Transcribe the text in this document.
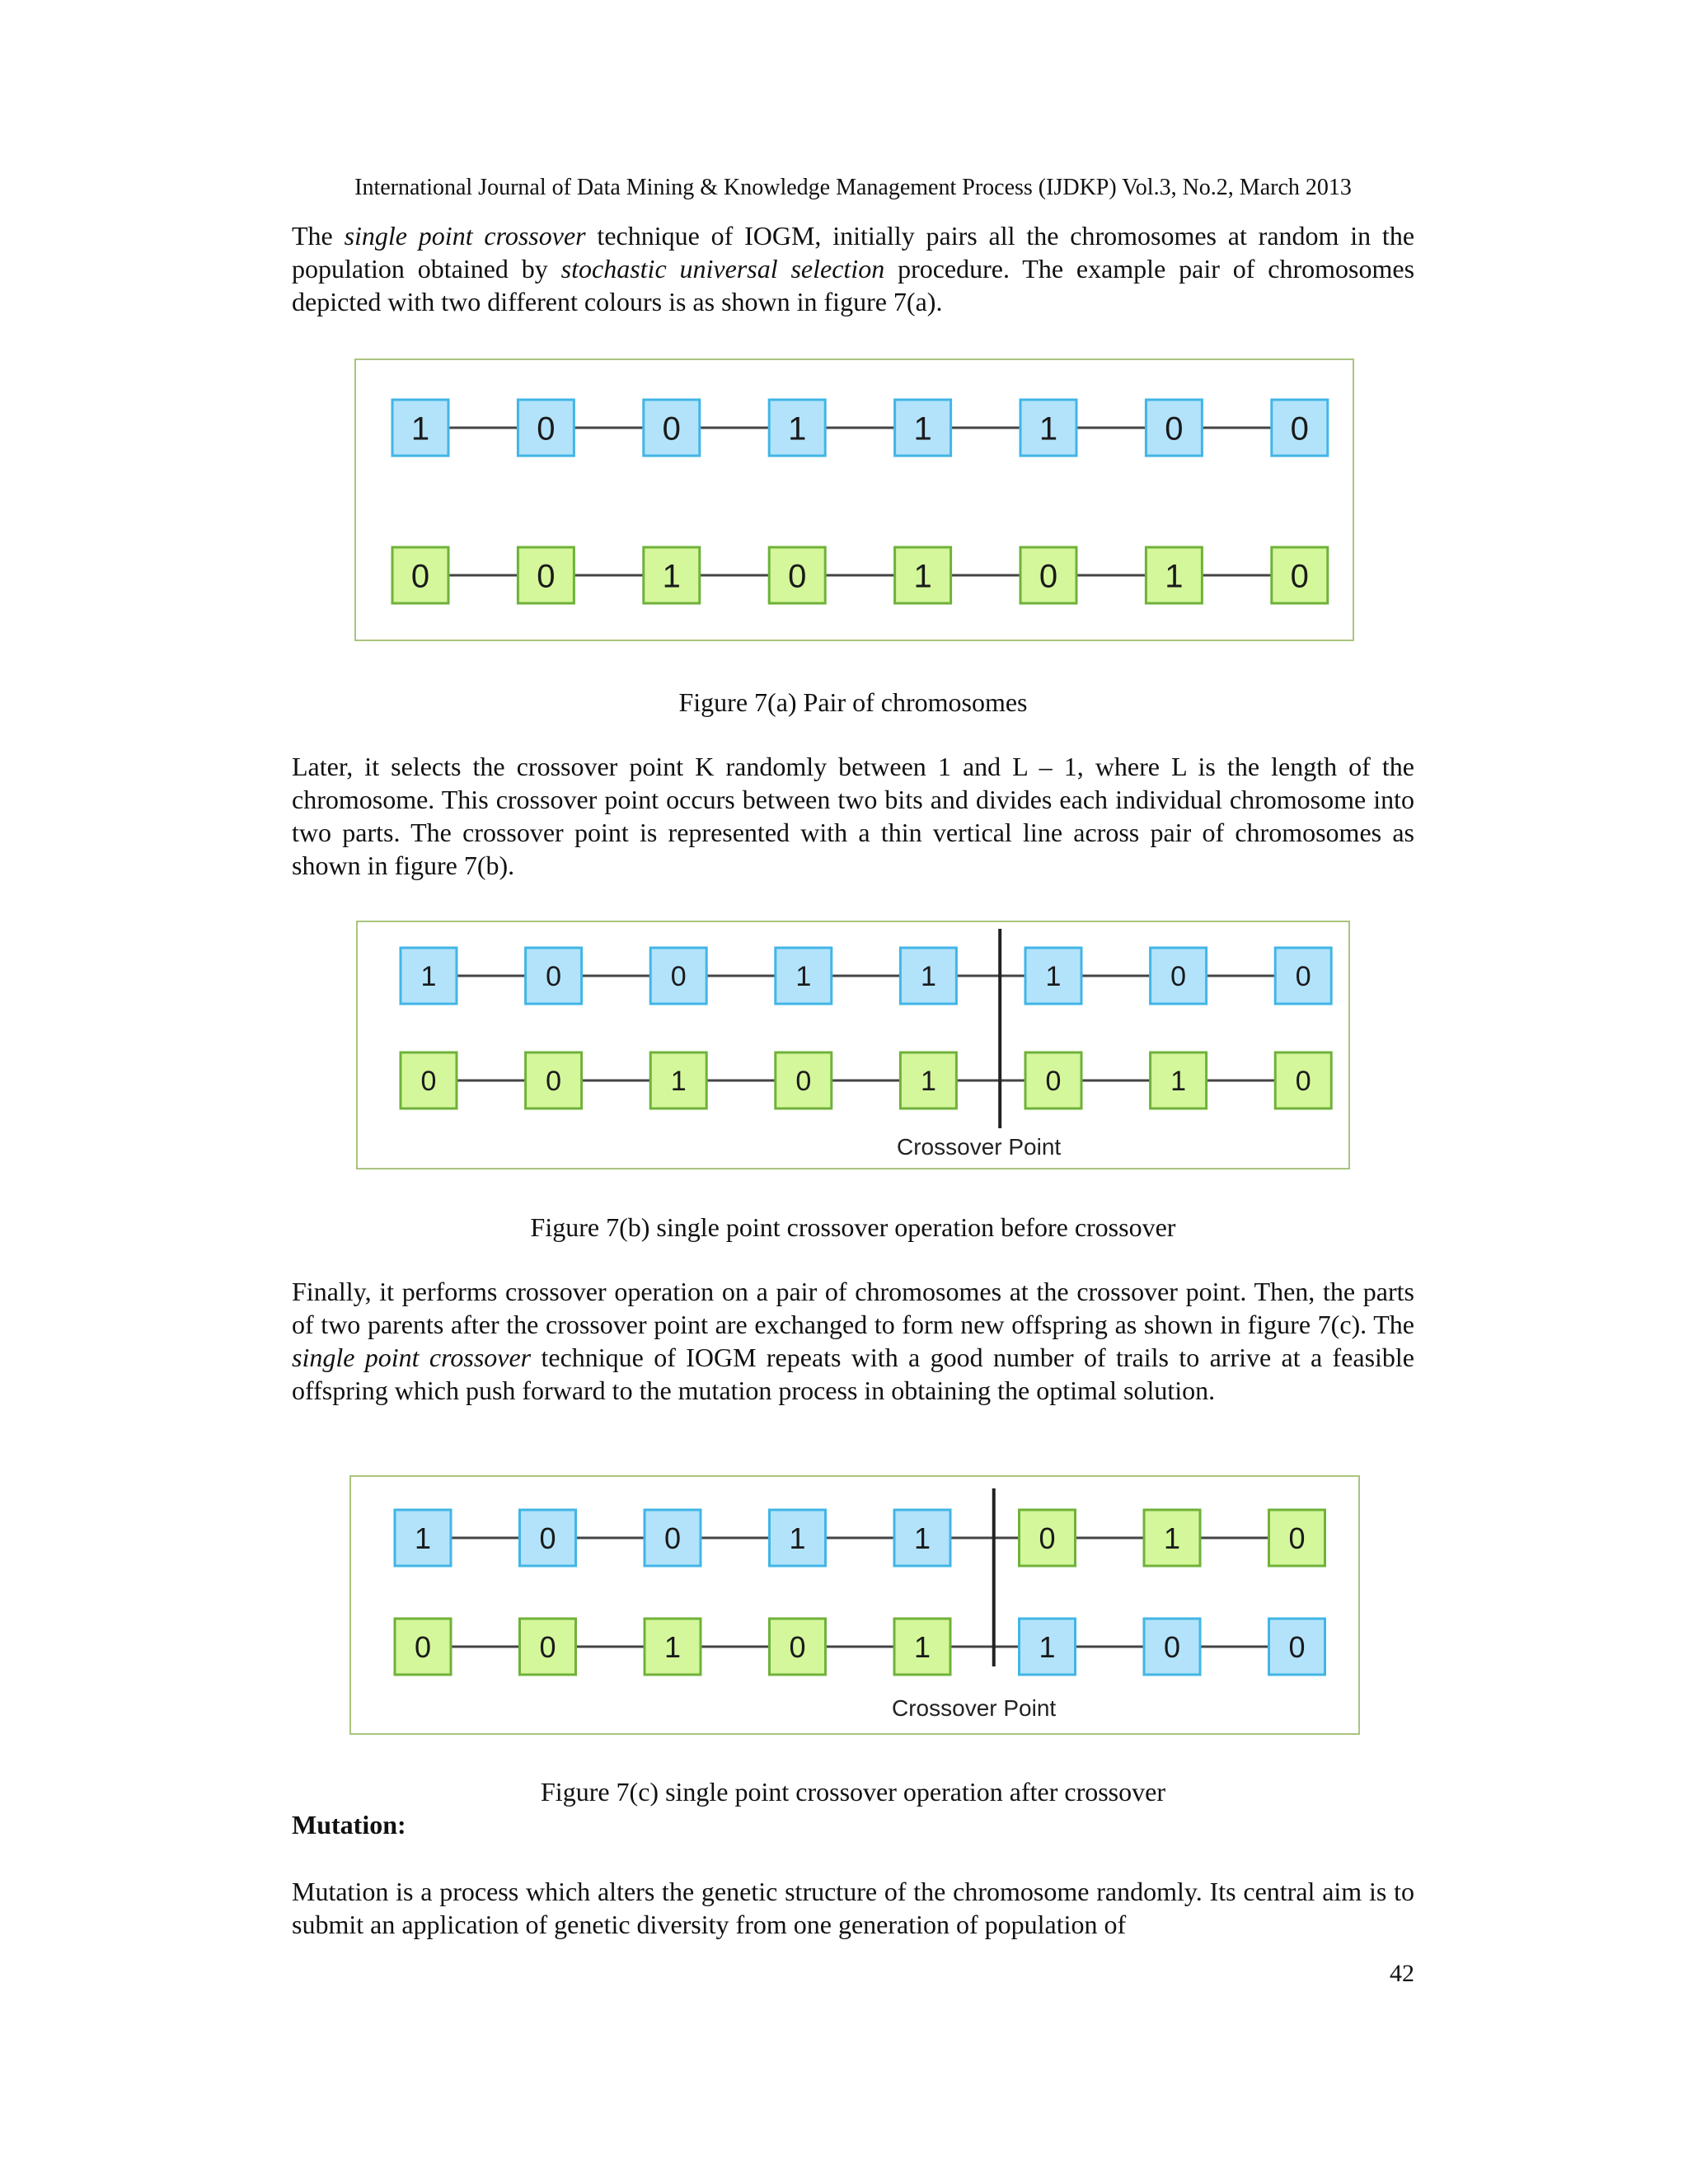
International Journal of Data Mining & Knowledge Management Process (IJDKP) Vol.3, No.2, March 2013

The single point crossover technique of IOGM, initially pairs all the chromosomes at random in the population obtained by stochastic universal selection procedure. The example pair of chromosomes depicted with two different colours is as shown in figure 7(a).

1	0	0	1	1	1	0	0
0	0	1	0	1	0	1	0
Figure 7(a) Pair of chromosomes

Later, it selects the crossover point K randomly between 1 and L – 1, where L is the length of the chromosome. This crossover point occurs between two bits and divides each individual chromosome into two parts. The crossover point is represented with a thin vertical line across pair of chromosomes as shown in figure 7(b).

1	0	0	1	1	1	0	0
0	0	1	0	1	0	1	0
Crossover Point
Figure 7(b) single point crossover operation before crossover

Finally, it performs crossover operation on a pair of chromosomes at the crossover point. Then, the parts of two parents after the crossover point are exchanged to form new offspring as shown in figure 7(c). The single point crossover technique of IOGM repeats with a good number of trails to arrive at a feasible offspring which push forward to the mutation process in obtaining the optimal solution.

1	0	0	1	1	0	1	0
0	0	1	0	1	1	0	0
Crossover Point
Figure 7(c) single point crossover operation after crossover
Mutation:

Mutation is a process which alters the genetic structure of the chromosome randomly. Its central aim is to submit an application of genetic diversity from one generation of population of

42
